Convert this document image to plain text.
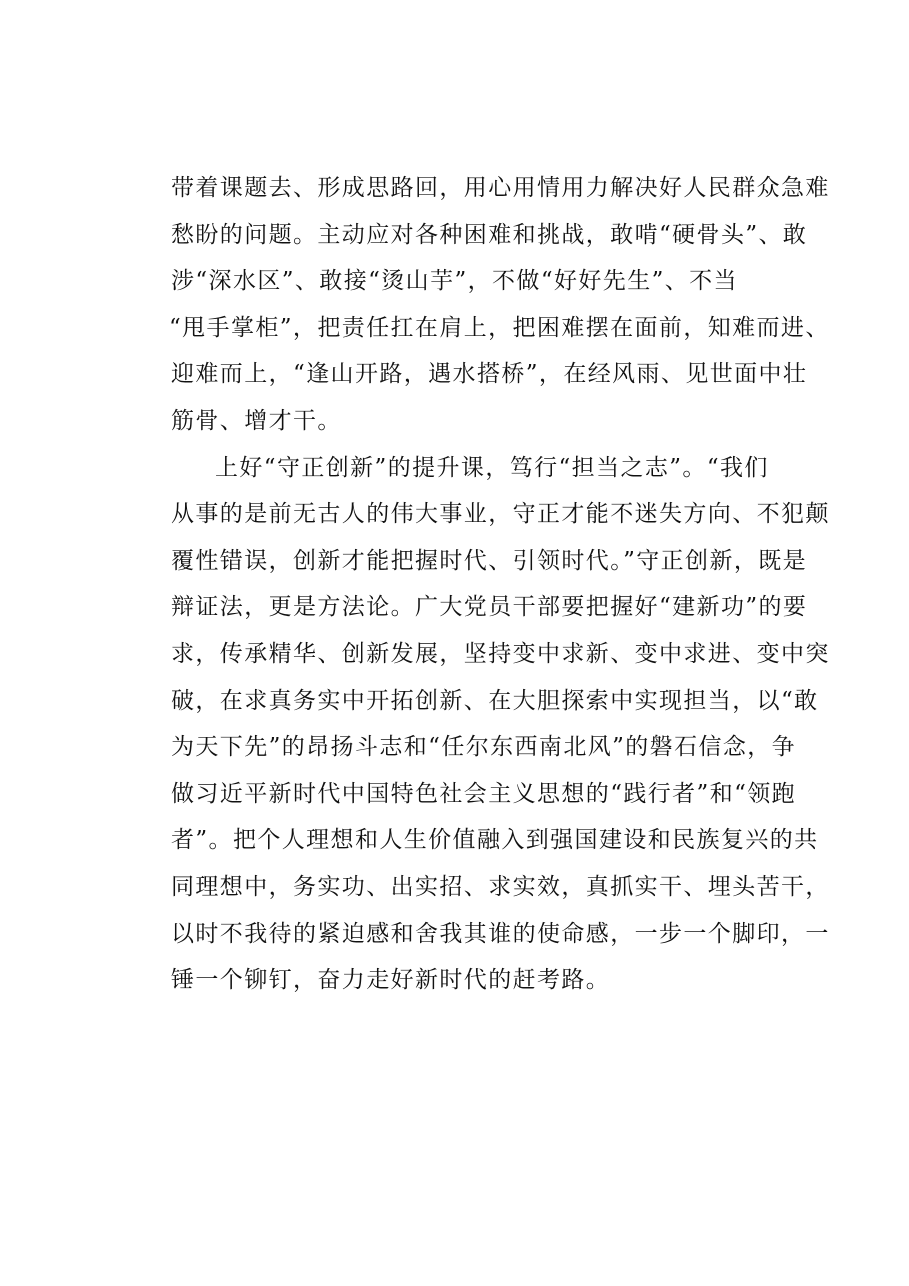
带着课题去、形成思路回，用心用情用力解决好人民群众急难
愁盼的问题。主动应对各种困难和挑战，敢啃“硬骨头”、敢
涉“深水区”、敢接“烫山芋”，不做“好好先生”、不当
“甩手掌柜”，把责任扛在肩上，把困难摆在面前，知难而进、
迎难而上，“逢山开路，遇水搭桥”，在经风雨、见世面中壮
筋骨、增才干。
上好“守正创新”的提升课，笃行“担当之志”。“我们
从事的是前无古人的伟大事业，守正才能不迷失方向、不犯颠
覆性错误，创新才能把握时代、引领时代。”守正创新，既是
辩证法，更是方法论。广大党员干部要把握好“建新功”的要
求，传承精华、创新发展，坚持变中求新、变中求进、变中突
破，在求真务实中开拓创新、在大胆探索中实现担当，以“敢
为天下先”的昂扬斗志和“任尔东西南北风”的磐石信念，争
做习近平新时代中国特色社会主义思想的“践行者”和“领跑
者”。把个人理想和人生价值融入到强国建设和民族复兴的共
同理想中，务实功、出实招、求实效，真抓实干、埋头苦干，
以时不我待的紧迫感和舍我其谁的使命感，一步一个脚印，一
锤一个铆钉，奋力走好新时代的赶考路。
